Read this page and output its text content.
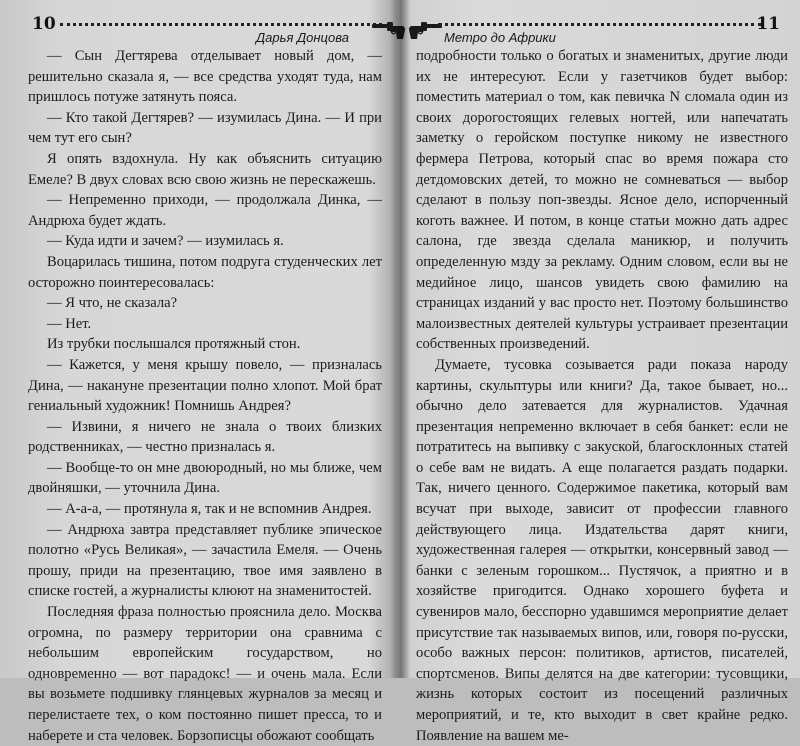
10
Дарья Донцова

— Сын Дегтярева отделывает новый дом, — решительно сказала я, — все средства уходят туда, нам пришлось потуже затянуть пояса.

— Кто такой Дегтярев? — изумилась Дина. — И при чем тут его сын?

Я опять вздохнула. Ну как объяснить ситуацию Емеле? В двух словах всю свою жизнь не перескажешь.

— Непременно приходи, — продолжала Динка, — Андрюха будет ждать.

— Куда идти и зачем? — изумилась я.

Воцарилась тишина, потом подруга студенческих лет осторожно поинтересовалась:

— Я что, не сказала?

— Нет.

Из трубки послышался протяжный стон.

— Кажется, у меня крышу повело, — призналась Дина, — накануне презентации полно хлопот. Мой брат гениальный художник! Помнишь Андрея?

— Извини, я ничего не знала о твоих близких родственниках, — честно призналась я.

— Вообще-то он мне двоюродный, но мы ближе, чем двойняшки, — уточнила Дина.

— А-а-а, — протянула я, так и не вспомнив Андрея.

— Андрюха завтра представляет публике эпическое полотно «Русь Великая», — зачастила Емеля. — Очень прошу, приди на презентацию, твое имя заявлено в списке гостей, а журналисты клюют на знаменитостей.

Последняя фраза полностью прояснила дело. Москва огромна, по размеру территории она сравнима с небольшим европейским государством, но одновременно — вот парадокс! — и очень мала. Если вы возьмете подшивку глянцевых журналов за месяц и перелистаете тех, о ком постоянно пишет пресса, то и наберете и ста человек. Борзописцы обожают сообщать

Метро до Африки
11

подробности только о богатых и знаменитых, другие люди их не интересуют. Если у газетчиков будет выбор: поместить материал о том, как певичка N сломала один из своих дорогостоящих гелевых ногтей, или напечатать заметку о геройском поступке никому не известного фермера Петрова, который спас во время пожара сто детдомовских детей, то можно не сомневаться — выбор сделают в пользу поп-звезды. Ясное дело, испорченный коготь важнее. И потом, в конце статьи можно дать адрес салона, где звезда сделала маникюр, и получить определенную мзду за рекламу. Одним словом, если вы не медийное лицо, шансов увидеть свою фамилию на страницах изданий у вас просто нет. Поэтому большинство малоизвестных деятелей культуры устраивает презентации собственных произведений.

Думаете, тусовка созывается ради показа народу картины, скульптуры или книги? Да, такое бывает, но... обычно дело затевается для журналистов. Удачная презентация непременно включает в себя банкет: если не потратитесь на выпивку с закуской, благосклонных статей о себе вам не видать. А еще полагается раздать подарки. Так, ничего ценного. Содержимое пакетика, который вам всучат при выходе, зависит от профессии главного действующего лица. Издательства дарят книги, художественная галерея — открытки, консервный завод — банки с зеленым горошком... Пустячок, а приятно и в хозяйстве пригодится. Однако хорошего буфета и сувениров мало, бесспорно удавшимся мероприятие делает присутствие так называемых випов, или, говоря по-русски, особо важных персон: политиков, артистов, писателей, спортсменов. Випы делятся на две категории: тусовщики, жизнь которых состоит из посещений различных мероприятий, и те, кто выходит в свет крайне редко. Появление на вашем ме-
